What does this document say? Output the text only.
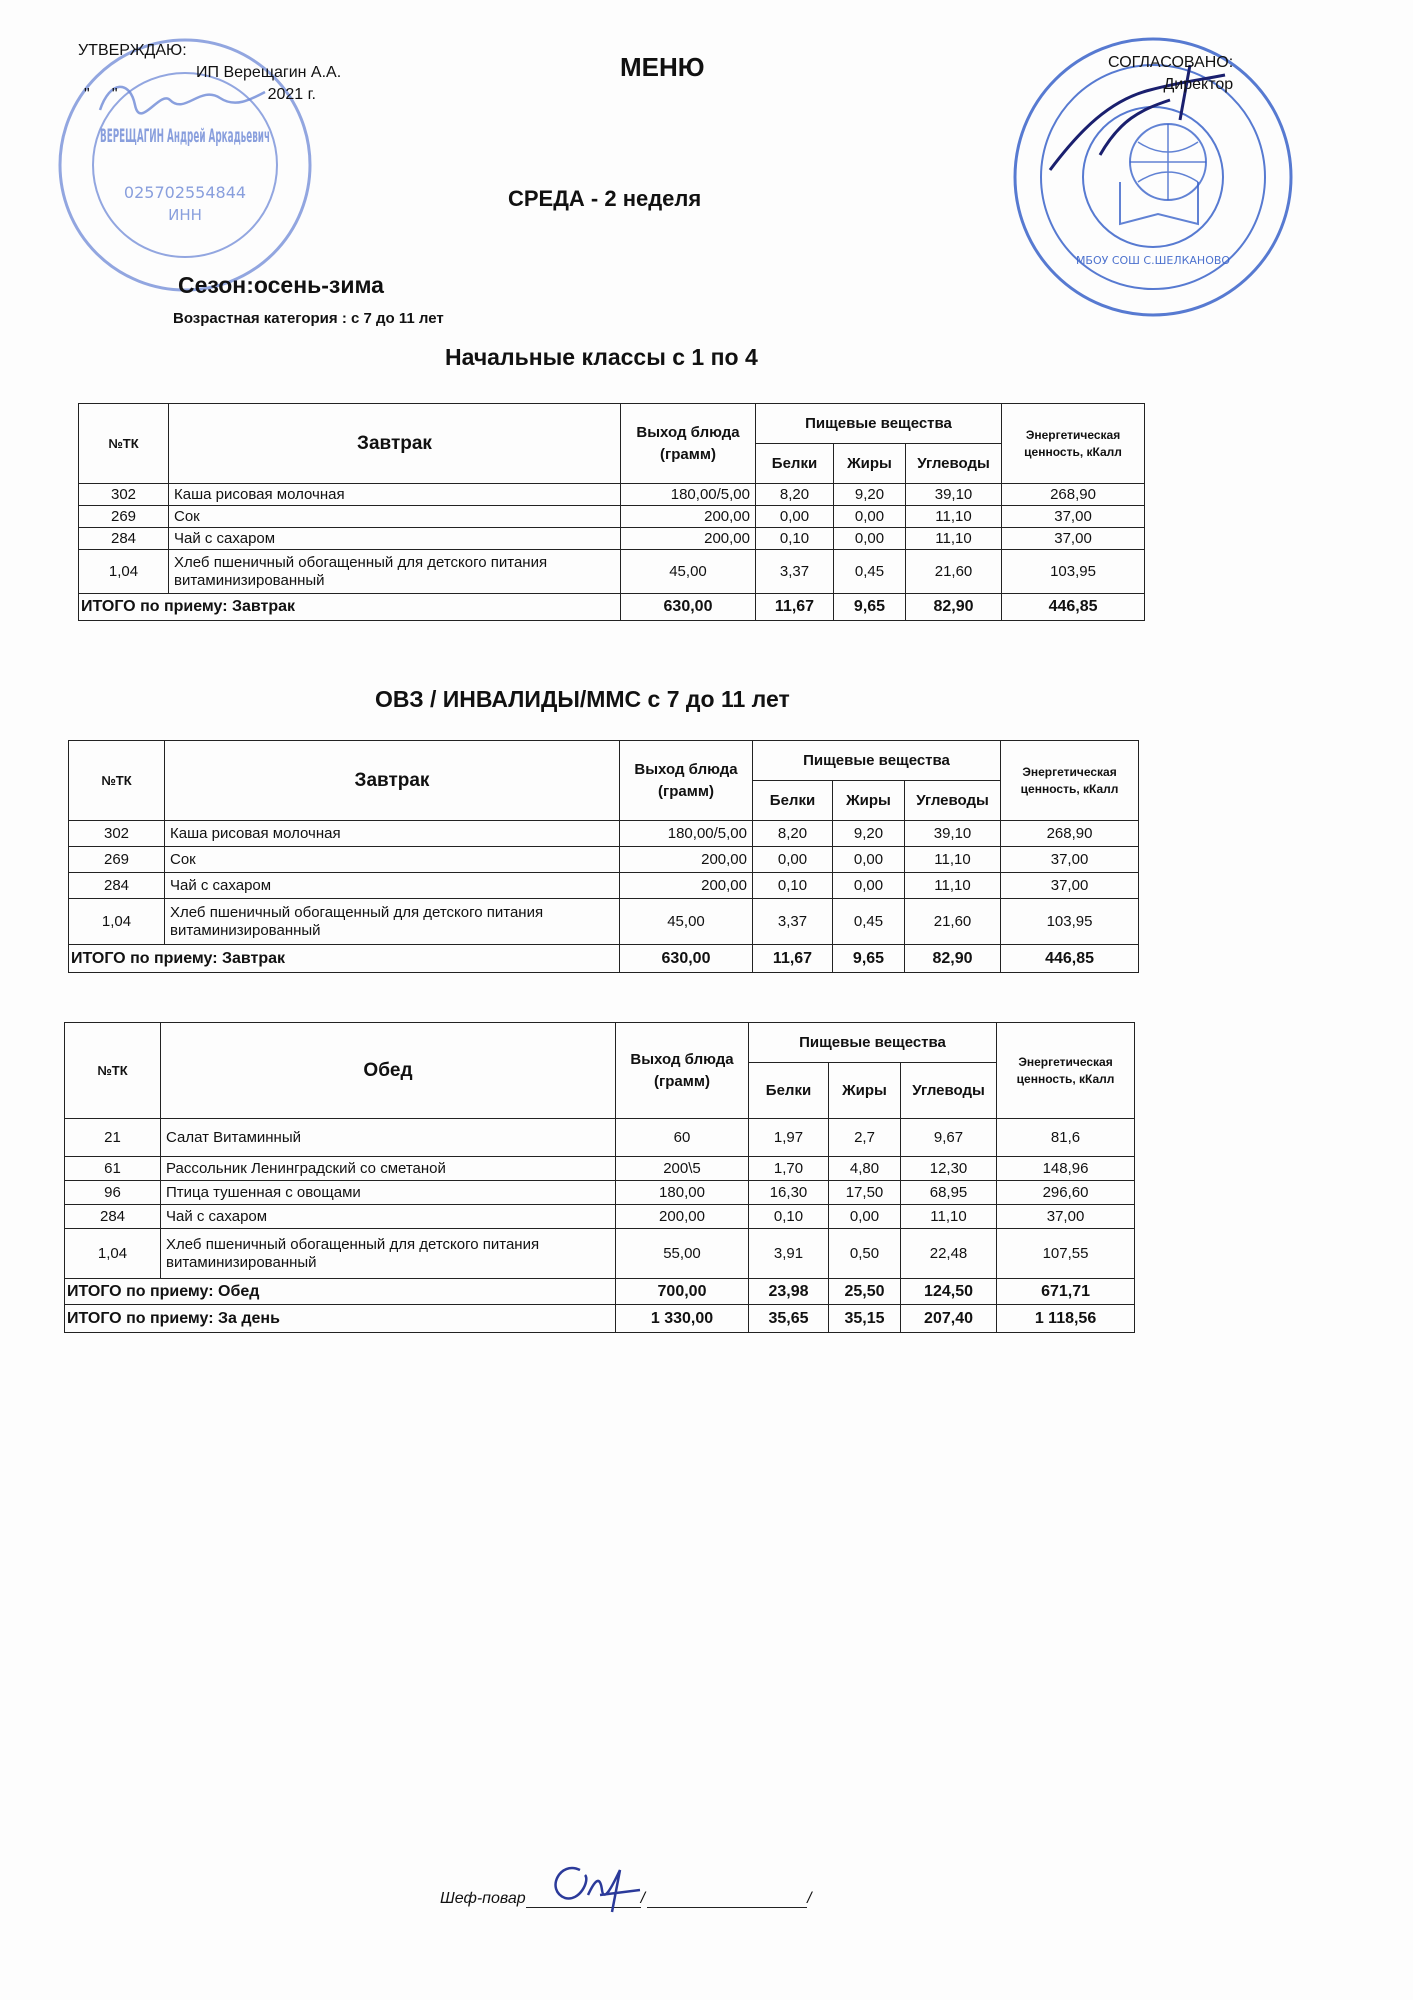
ВЕРЕЩАГИН Андрей Аркадьевич
025702554844
ИНН
МБОУ СОШ С.ШЕЛКАНОВО
УТВЕРЖДАЮ:
ИП Верещагин А.А.
" "	2021 г.
СОГЛАСОВАНО:
Директор
МЕНЮ
СРЕДА - 2 неделя
Сезон:осень-зима
Возрастная категория : с 7 до 11 лет
Начальные классы с 1 по 4
№ТК	Завтрак	Выход блюда (грамм)	Пищевые вещества			Энергетическая ценность, кКалл
			Белки	Жиры	Углеводы	
302	Каша рисовая молочная	180,00/5,00	8,20	9,20	39,10	268,90
269	Сок	200,00	0,00	0,00	11,10	37,00
284	Чай с сахаром	200,00	0,10	0,00	11,10	37,00
1,04	Хлеб пшеничный обогащенный для детского питания витаминизированный	45,00	3,37	0,45	21,60	103,95
ИТОГО по приему: Завтрак		630,00	11,67	9,65	82,90	446,85
ОВЗ / ИНВАЛИДЫ/ММС с 7 до 11 лет
№ТК	Завтрак	Выход блюда (грамм)	Пищевые вещества			Энергетическая ценность, кКалл
			Белки	Жиры	Углеводы	
302	Каша рисовая молочная	180,00/5,00	8,20	9,20	39,10	268,90
269	Сок	200,00	0,00	0,00	11,10	37,00
284	Чай с сахаром	200,00	0,10	0,00	11,10	37,00
1,04	Хлеб пшеничный обогащенный для детского питания витаминизированный	45,00	3,37	0,45	21,60	103,95
ИТОГО по приему: Завтрак		630,00	11,67	9,65	82,90	446,85
№ТК	Обед	Выход блюда (грамм)	Пищевые вещества			Энергетическая ценность, кКалл
			Белки	Жиры	Углеводы	
21	Салат Витаминный	60	1,97	2,7	9,67	81,6
61	Рассольник Ленинградский со сметаной	200\5	1,70	4,80	12,30	148,96
96	Птица тушенная с овощами	180,00	16,30	17,50	68,95	296,60
284	Чай с сахаром	200,00	0,10	0,00	11,10	37,00
1,04	Хлеб пшеничный обогащенный для детского питания витаминизированный	55,00	3,91	0,50	22,48	107,55
ИТОГО по приему: Обед		700,00	23,98	25,50	124,50	671,71
ИТОГО по приему: За день		1 330,00	35,65	35,15	207,40	1 118,56
Шеф-повар	/	/
